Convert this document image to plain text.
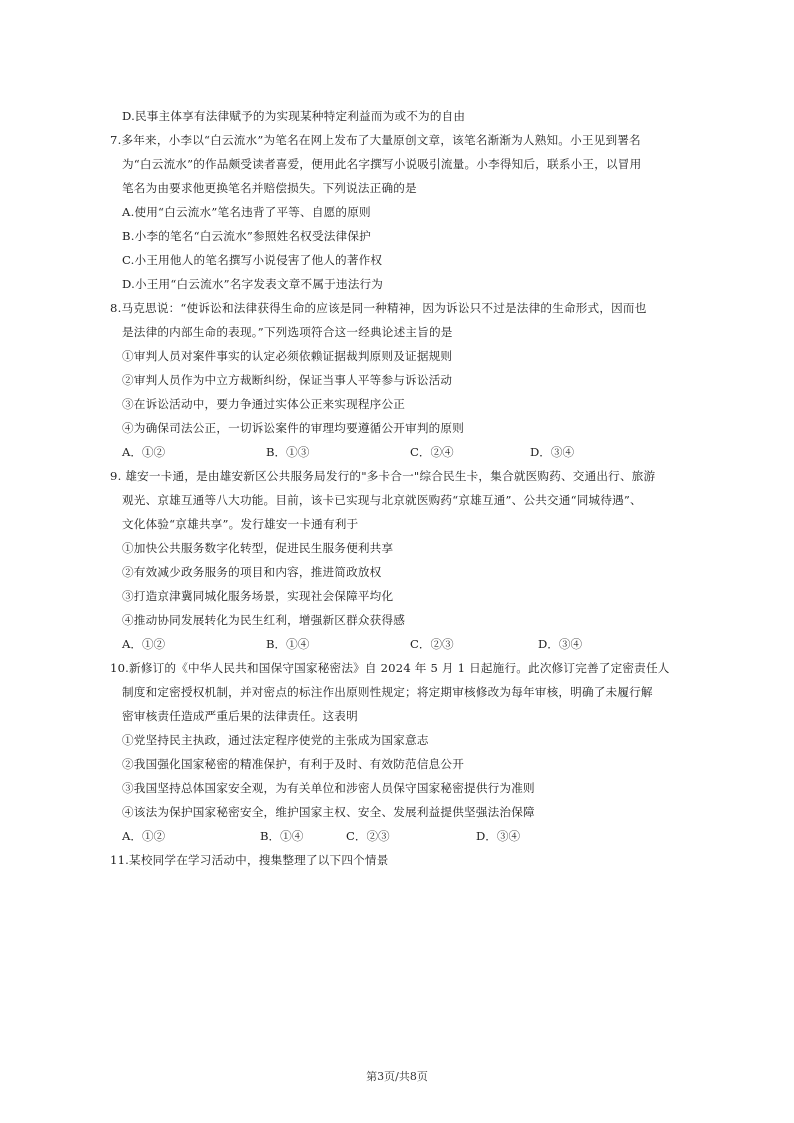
D.民事主体享有法律赋予的为实现某种特定利益而为或不为的自由
7.多年来，小李以“白云流水”为笔名在网上发布了大量原创文章，该笔名渐渐为人熟知。小王见到署名
为“白云流水”的作品颇受读者喜爱，便用此名字撰写小说吸引流量。小李得知后，联系小王，以冒用
笔名为由要求他更换笔名并赔偿损失。下列说法正确的是
A.使用“白云流水”笔名违背了平等、自愿的原则
B.小李的笔名“白云流水”参照姓名权受法律保护
C.小王用他人的笔名撰写小说侵害了他人的著作权
D.小王用“白云流水”名字发表文章不属于违法行为
8.马克思说：“使诉讼和法律获得生命的应该是同一种精神，因为诉讼只不过是法律的生命形式，因而也
是法律的内部生命的表现。”下列选项符合这一经典论述主旨的是
①审判人员对案件事实的认定必须依赖证据裁判原则及证据规则
②审判人员作为中立方裁断纠纷，保证当事人平等参与诉讼活动
③在诉讼活动中，要力争通过实体公正来实现程序公正
④为确保司法公正，一切诉讼案件的审理均要遵循公开审判的原则
A．①②	B．①③	C．②④	D．③④
9. 雄安一卡通，是由雄安新区公共服务局发行的"多卡合一"综合民生卡，集合就医购药、交通出行、旅游
观光、京雄互通等八大功能。目前，该卡已实现与北京就医购药“京雄互通”、公共交通“同城待遇”、
文化体验“京雄共享”。发行雄安一卡通有利于
①加快公共服务数字化转型，促进民生服务便利共享
②有效减少政务服务的项目和内容，推进简政放权
③打造京津冀同城化服务场景，实现社会保障平均化
④推动协同发展转化为民生红利，增强新区群众获得感
A．①②	B．①④	C．②③	D．③④
10.新修订的《中华人民共和国保守国家秘密法》自 2024 年 5 月 1 日起施行。此次修订完善了定密责任人
制度和定密授权机制，并对密点的标注作出原则性规定；将定期审核修改为每年审核，明确了未履行解
密审核责任造成严重后果的法律责任。这表明
①党坚持民主执政，通过法定程序使党的主张成为国家意志
②我国强化国家秘密的精准保护，有利于及时、有效防范信息公开
③我国坚持总体国家安全观，为有关单位和涉密人员保守国家秘密提供行为准则
④该法为保护国家秘密安全，维护国家主权、安全、发展利益提供坚强法治保障
A．①②	B．①④	C．②③	D．③④
11.某校同学在学习活动中，搜集整理了以下四个情景
第3页/共8页
